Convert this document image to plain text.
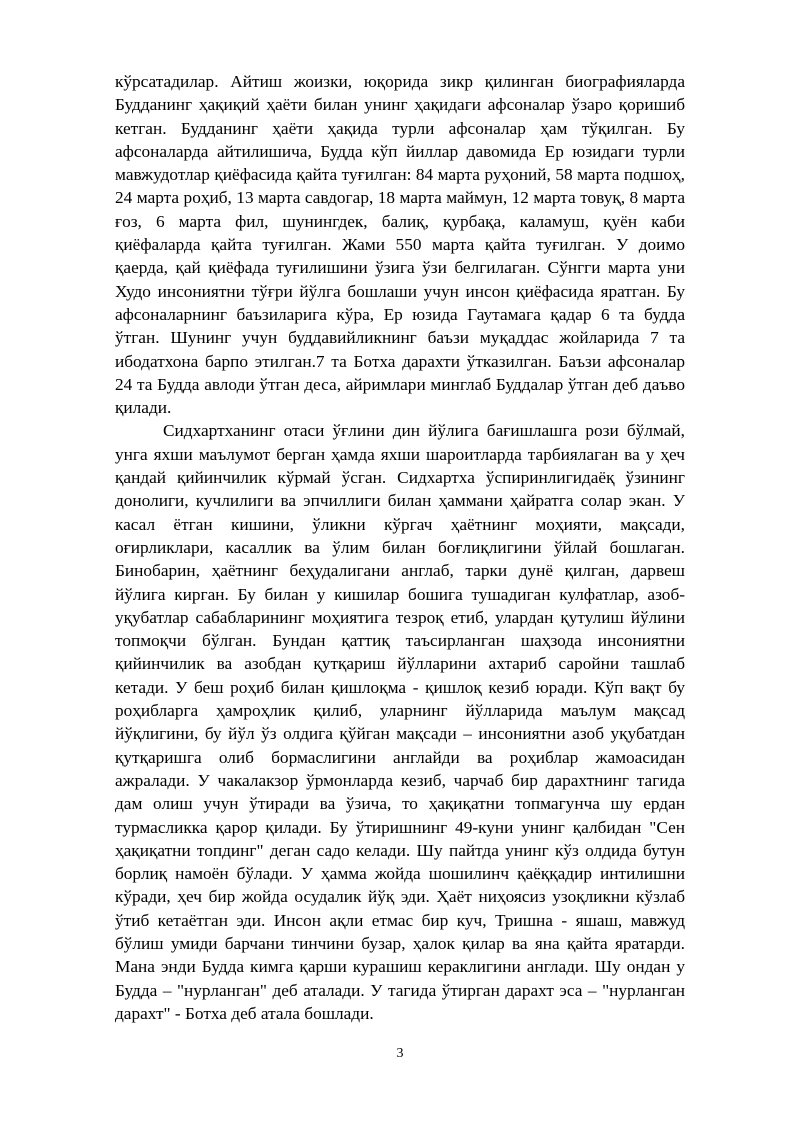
кўрсатадилар. Айтиш жоизки, юқорида зикр қилинган биографияларда Будданинг ҳақиқий ҳаёти билан унинг ҳақидаги афсоналар ўзаро қоришиб кетган. Будданинг ҳаёти ҳақида турли афсоналар ҳам тўқилган. Бу афсоналарда айтилишича, Будда кўп йиллар давомида Ер юзидаги турли мавжудотлар қиёфасида қайта туғилган: 84 марта руҳоний, 58 марта подшоҳ, 24 марта роҳиб, 13 марта савдогар, 18 марта маймун, 12 марта товуқ, 8 марта ғоз, 6 марта фил, шунингдек, балиқ, қурбақа, каламуш, қуён каби қиёфаларда қайта туғилган. Жами 550 марта қайта туғилган. У доимо қаерда, қай қиёфада туғилишини ўзига ўзи белгилаган. Сўнгги марта уни Худо инсониятни тўғри йўлга бошлаши учун инсон қиёфасида яратган. Бу афсоналарнинг баъзиларига кўра, Ер юзида Гаутамага қадар 6 та будда ўтган. Шунинг учун буддавийликнинг баъзи муқаддас жойларида 7 та ибодатхона барпо этилган.7 та Ботха дарахти ўтказилган. Баъзи афсоналар 24 та Будда авлоди ўтган деса, айримлари минглаб Буддалар ўтган деб даъво қилади.

Сидхартханинг отаси ўғлини дин йўлига бағишлашга рози бўлмай, унга яхши маълумот берган ҳамда яхши шароитларда тарбиялаган ва у ҳеч қандай қийинчилик кўрмай ўсган. Сидхартха ўспиринлигидаёқ ўзининг донолиги, кучлилиги ва эпчиллиги билан ҳаммани ҳайратга солар экан. У касал ётган кишини, ўликни кўргач ҳаётнинг моҳияти, мақсади, оғирликлари, касаллик ва ўлим билан боғлиқлигини ўйлай бошлаган. Бинобарин, ҳаётнинг беҳудалигани англаб, тарки дунё қилган, дарвеш йўлига кирган. Бу билан у кишилар бошига тушадиган кулфатлар, азоб-уқубатлар сабабларининг моҳиятига тезроқ етиб, улардан қутулиш йўлини топмоқчи бўлган. Бундан қаттиқ таъсирланган шаҳзода инсониятни қийинчилик ва азобдан қутқариш йўлларини ахтариб саройни ташлаб кетади. У беш роҳиб билан қишлоқма - қишлоқ кезиб юради. Кўп вақт бу роҳибларга ҳамроҳлик қилиб, уларнинг йўлларида маълум мақсад йўқлигини, бу йўл ўз олдига қўйган мақсади – инсониятни азоб уқубатдан қутқаришга олиб бормаслигини англайди ва роҳиблар жамоасидан ажралади. У чакалакзор ўрмонларда кезиб, чарчаб бир дарахтнинг тагида дам олиш учун ўтиради ва ўзича, то ҳақиқатни топмагунча шу ердан турмасликка қарор қилади. Бу ўтиришнинг 49-куни унинг қалбидан "Сен ҳақиқатни топдинг" деган садо келади. Шу пайтда унинг кўз олдида бутун борлиқ намоён бўлади. У ҳамма жойда шошилинч қаёққадир интилишни кўради, ҳеч бир жойда осудалик йўқ эди. Ҳаёт ниҳоясиз узоқликни кўзлаб ўтиб кетаётган эди. Инсон ақли етмас бир куч, Тришна - яшаш, мавжуд бўлиш умиди барчани тинчини бузар, ҳалок қилар ва яна қайта яратарди. Мана энди Будда кимга қарши курашиш кераклигини англади. Шу ондан у Будда – "нурланган" деб аталади. У тагида ўтирган дарахт эса – "нурланган дарахт" - Ботха деб атала бошлади.

3
